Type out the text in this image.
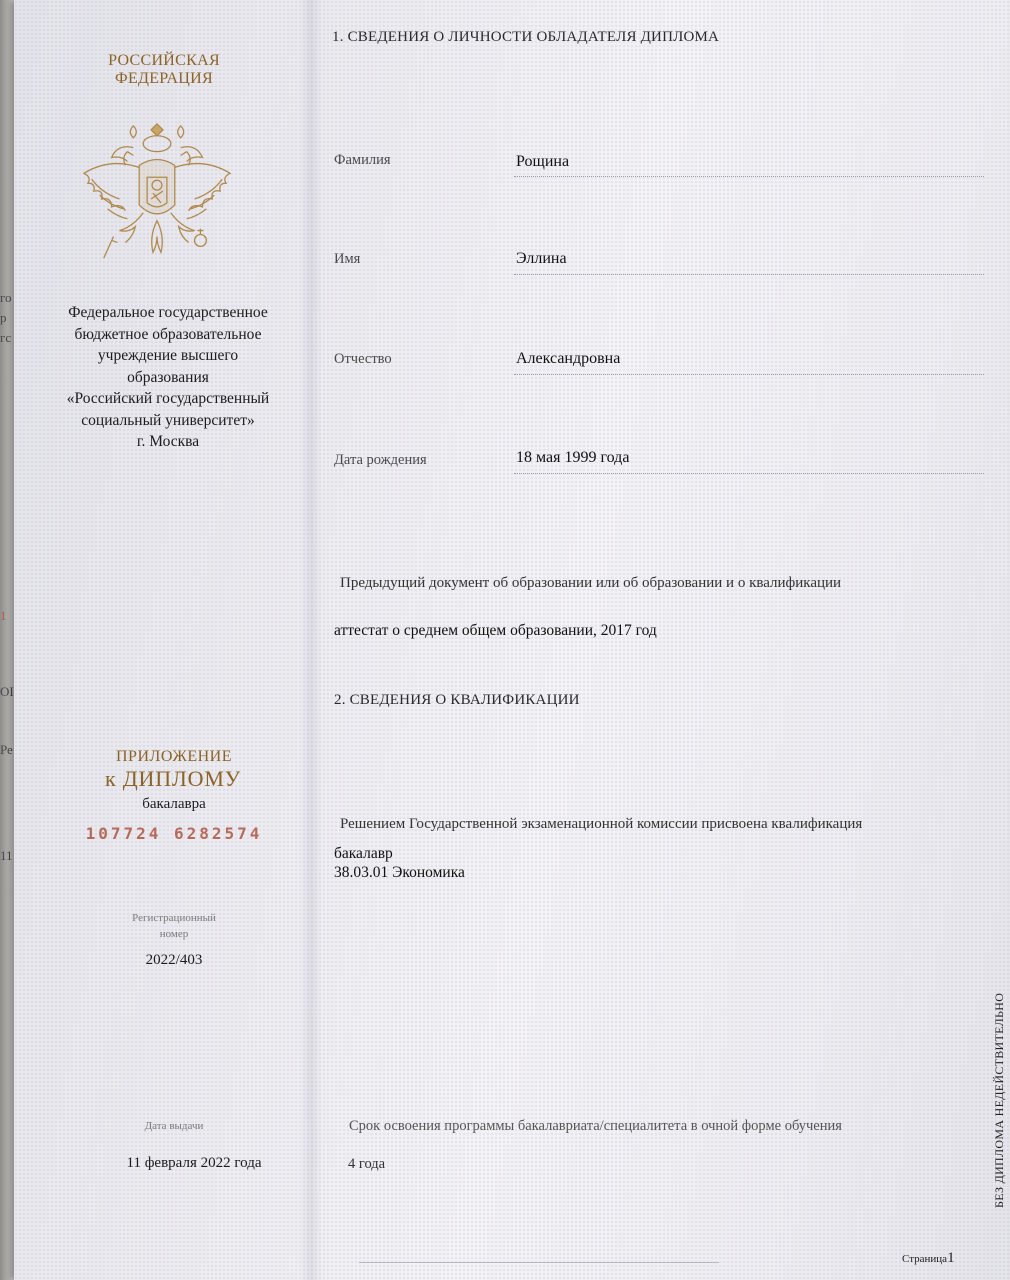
го
р
гс
1
ОІ
Ре
11
РОССИЙСКАЯ
ФЕДЕРАЦИЯ
Федеральное государственное
бюджетное образовательное
учреждение высшего
образования
«Российский государственный
социальный университет»
г. Москва
ПРИЛОЖЕНИЕ
к ДИПЛОМУ
бакалавра
107724 6282574
Регистрационный
номер
2022/403
Дата выдачи
11 февраля 2022 года
1. СВЕДЕНИЯ О ЛИЧНОСТИ ОБЛАДАТЕЛЯ ДИПЛОМА
Фамилия	Рощина
Имя	Эллина
Отчество	Александровна
Дата рождения	18 мая 1999 года
Предыдущий документ об образовании или об образовании и о квалификации
аттестат о среднем общем образовании, 2017 год
2. СВЕДЕНИЯ О КВАЛИФИКАЦИИ
Решением Государственной экзаменационной комиссии присвоена квалификация
бакалавр
38.03.01 Экономика
Срок освоения программы бакалавриата/специалитета в очной форме обучения
4 года
Страница1
БЕЗ ДИПЛОМА НЕДЕЙСТВИТЕЛЬНО
